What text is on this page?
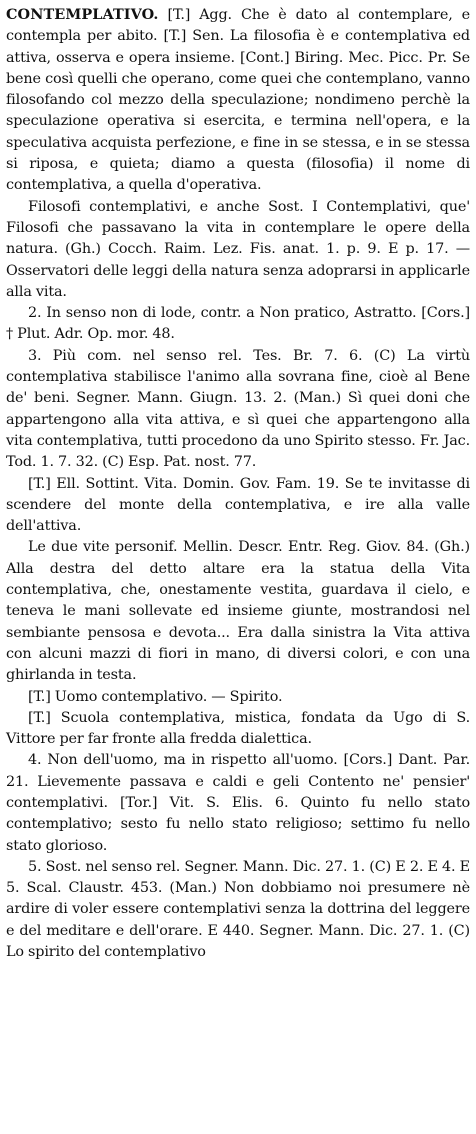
CONTEMPLATIVO. [T.] Agg. Che è dato al contemplare, e contempla per abito. [T.] Sen. La filosofia è e contemplativa ed attiva, osserva e opera insieme. [Cont.] Biring. Mec. Picc. Pr. Se bene così quelli che operano, come quei che contemplano, vanno filosofando col mezzo della speculazione; nondimeno perchè la speculazione operativa si esercita, e termina nell'opera, e la speculativa acquista perfezione, e fine in se stessa, e in se stessa si riposa, e quieta; diamo a questa (filosofia) il nome di contemplativa, a quella d'operativa.

Filosofi contemplativi, e anche Sost. I Contemplativi, que' Filosofi che passavano la vita in contemplare le opere della natura. (Gh.) Cocch. Raim. Lez. Fis. anat. 1. p. 9. E p. 17. — Osservatori delle leggi della natura senza adoprarsi in applicarle alla vita.

2. In senso non di lode, contr. a Non pratico, Astratto. [Cors.] † Plut. Adr. Op. mor. 48.

3. Più com. nel senso rel. Tes. Br. 7. 6. (C) La virtù contemplativa stabilisce l'animo alla sovrana fine, cioè al Bene de' beni. Segner. Mann. Giugn. 13. 2. (Man.) Sì quei doni che appartengono alla vita attiva, e sì quei che appartengono alla vita contemplativa, tutti procedono da uno Spirito stesso. Fr. Jac. Tod. 1. 7. 32. (C) Esp. Pat. nost. 77.

[T.] Ell. Sottint. Vita. Domin. Gov. Fam. 19. Se te invitasse di scendere del monte della contemplativa, e ire alla valle dell'attiva.

Le due vite personif. Mellin. Descr. Entr. Reg. Giov. 84. (Gh.) Alla destra del detto altare era la statua della Vita contemplativa, che, onestamente vestita, guardava il cielo, e teneva le mani sollevate ed insieme giunte, mostrandosi nel sembiante pensosa e devota... Era dalla sinistra la Vita attiva con alcuni mazzi di fiori in mano, di diversi colori, e con una ghirlanda in testa.

[T.] Uomo contemplativo. — Spirito.

[T.] Scuola contemplativa, mistica, fondata da Ugo di S. Vittore per far fronte alla fredda dialettica.

4. Non dell'uomo, ma in rispetto all'uomo. [Cors.] Dant. Par. 21. Lievemente passava e caldi e geli Contento ne' pensier' contemplativi. [Tor.] Vit. S. Elis. 6. Quinto fu nello stato contemplativo; sesto fu nello stato religioso; settimo fu nello stato glorioso.

5. Sost. nel senso rel. Segner. Mann. Dic. 27. 1. (C) E 2. E 4. E 5. Scal. Claustr. 453. (Man.) Non dobbiamo noi presumere nè ardire di voler essere contemplativi senza la dottrina del leggere e del meditare e dell'orare. E 440. Segner. Mann. Dic. 27. 1. (C) Lo spirito del contemplativo
